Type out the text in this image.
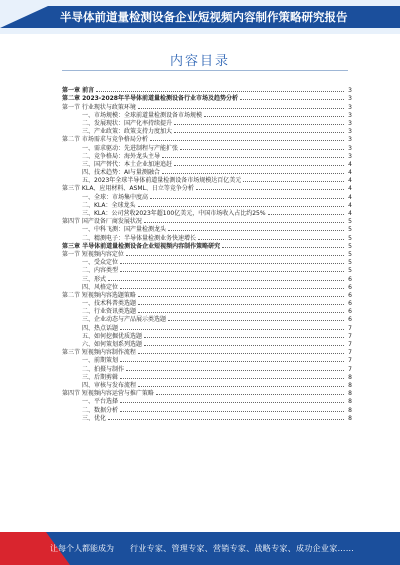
半导体前道量检测设备企业短视频内容制作策略研究报告
内容目录
第一章 前言	3
第二章 2023-2028年半导体前道量检测设备行业市场及趋势分析	3
第一节 行业现状与政策环境	3
一、市场规模：全球前道量检测设备市场规模	3
二、发展现状：国产化率持续提升	3
三、产业政策：政策支持力度加大	3
第二节 市场需求与竞争格局分析	3
一、需求驱动：先进制程与产能扩张	3
二、竞争格局：海外龙头主导	3
三、国产替代：本土企业加速追赶	4
四、技术趋势：AI与量测融合	4
五、2023年全球半导体前道量检测设备市场规模达百亿美元	4
第三节 KLA、应用材料、ASML、日立等竞争分析	4
一、全球：市场集中度高	4
二、KLA：全球龙头	4
三、KLA：公司营收2023年超100亿美元，中国市场收入占比约25%	4
第四节 国产设备厂商发展状况	5
一、中科飞测：国产量检测龙头	5
二、精测电子：半导体量检测业务快速增长	5
第三章 半导体前道量检测设备企业短视频内容制作策略研究	5
第一节 短视频内容定位	5
一、受众定位	5
二、内容类型	5
三、形式	6
四、风格定位	6
第二节 短视频内容选题策略	6
一、技术科普类选题	6
二、行业资讯类选题	6
三、企业动态与产品展示类选题	6
四、热点话题	7
五、如何挖掘优质选题	7
六、如何策划系列选题	7
第三节 短视频内容制作流程	7
一、前期策划	7
二、拍摄与制作	7
三、后期剪辑	8
四、审核与发布流程	8
第四节 短视频内容运营与推广策略	8
一、平台选择	8
二、数据分析	8
三、优化	8
让每个人都能成为 行业专家、管理专家、营销专家、战略专家、成功企业家……
